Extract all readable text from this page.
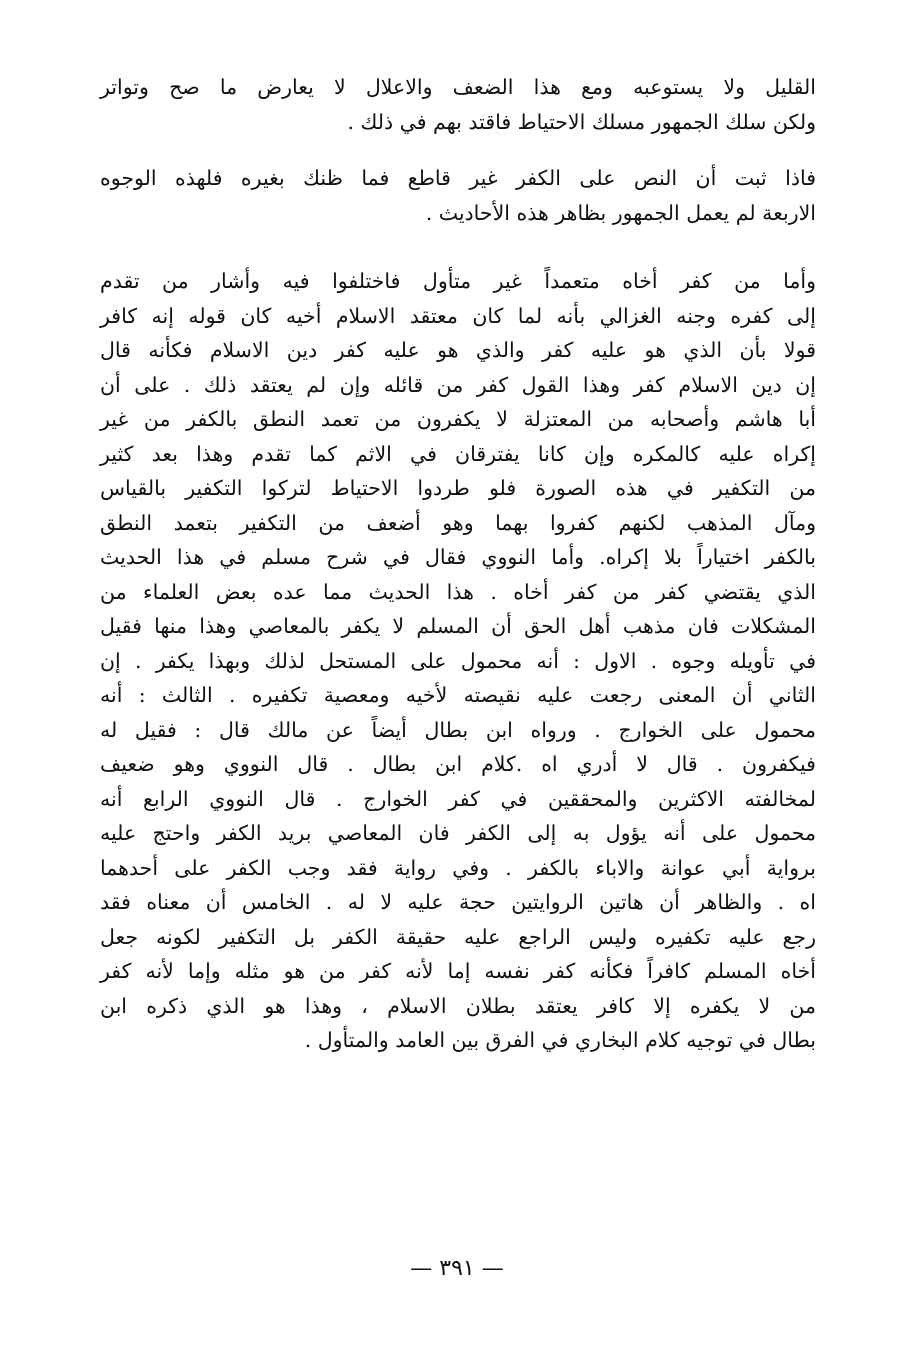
القليل ولا يستوعبه ومع هذا الضعف والاعلال لا يعارض ما صح وتواتر
ولكن سلك الجمهور مسلك الاحتياط فاقتد بهم في ذلك .

فاذا ثبت أن النص على الكفر غير قاطع فما ظنك بغيره فلهذه الوجوه
الاربعة لم يعمل الجمهور بظاهر هذه الأحاديث .

وأما من كفر أخاه متعمداً غير متأول فاختلفوا فيه وأشار من تقدم
إلى كفره وجنه الغزالي بأنه لما كان معتقد الاسلام أخيه كان قوله إنه كافر
قولا بأن الذي هو عليه كفر والذي هو عليه كفر دين الاسلام فكأنه قال
إن دين الاسلام كفر وهذا القول كفر من قائله وإن لم يعتقد ذلك . على أن
أبا هاشم وأصحابه من المعتزلة لا يكفرون من تعمد النطق بالكفر من غير
إكراه عليه كالمكره وإن كانا يفترقان في الاثم كما تقدم وهذا بعد كثير
من التكفير في هذه الصورة فلو طردوا الاحتياط لتركوا التكفير بالقياس
ومآل المذهب لكنهم كفروا بهما وهو أضعف من التكفير بتعمد النطق
بالكفر اختياراً بلا إكراه. وأما النووي فقال في شرح مسلم في هذا الحديث
الذي يقتضي كفر من كفر أخاه . هذا الحديث مما عده بعض العلماء من
المشكلات فان مذهب أهل الحق أن المسلم لا يكفر بالمعاصي وهذا منها فقيل
في تأويله وجوه . الاول : أنه محمول على المستحل لذلك وبهذا يكفر . إن
الثاني أن المعنى رجعت عليه نقيصته لأخيه ومعصية تكفيره . الثالث : أنه
محمول على الخوارج . ورواه ابن بطال أيضاً عن مالك قال : فقيل له
فيكفرون . قال لا أدري اه .كلام ابن بطال . قال النووي وهو ضعيف
لمخالفته الاكثرين والمحققين في كفر الخوارج . قال النووي الرابع أنه
محمول على أنه يؤول به إلى الكفر فان المعاصي بريد الكفر واحتج عليه
برواية أبي عوانة والاباء بالكفر . وفي رواية فقد وجب الكفر على أحدهما
اه . والظاهر أن هاتين الروايتين حجة عليه لا له . الخامس أن معناه فقد
رجع عليه تكفيره وليس الراجع عليه حقيقة الكفر بل التكفير لكونه جعل
أخاه المسلم كافراً فكأنه كفر نفسه إما لأنه كفر من هو مثله وإما لأنه كفر
من لا يكفره إلا كافر يعتقد بطلان الاسلام ، وهذا هو الذي ذكره ابن
بطال في توجيه كلام البخاري في الفرق بين العامد والمتأول .

— ٣٩١ —
